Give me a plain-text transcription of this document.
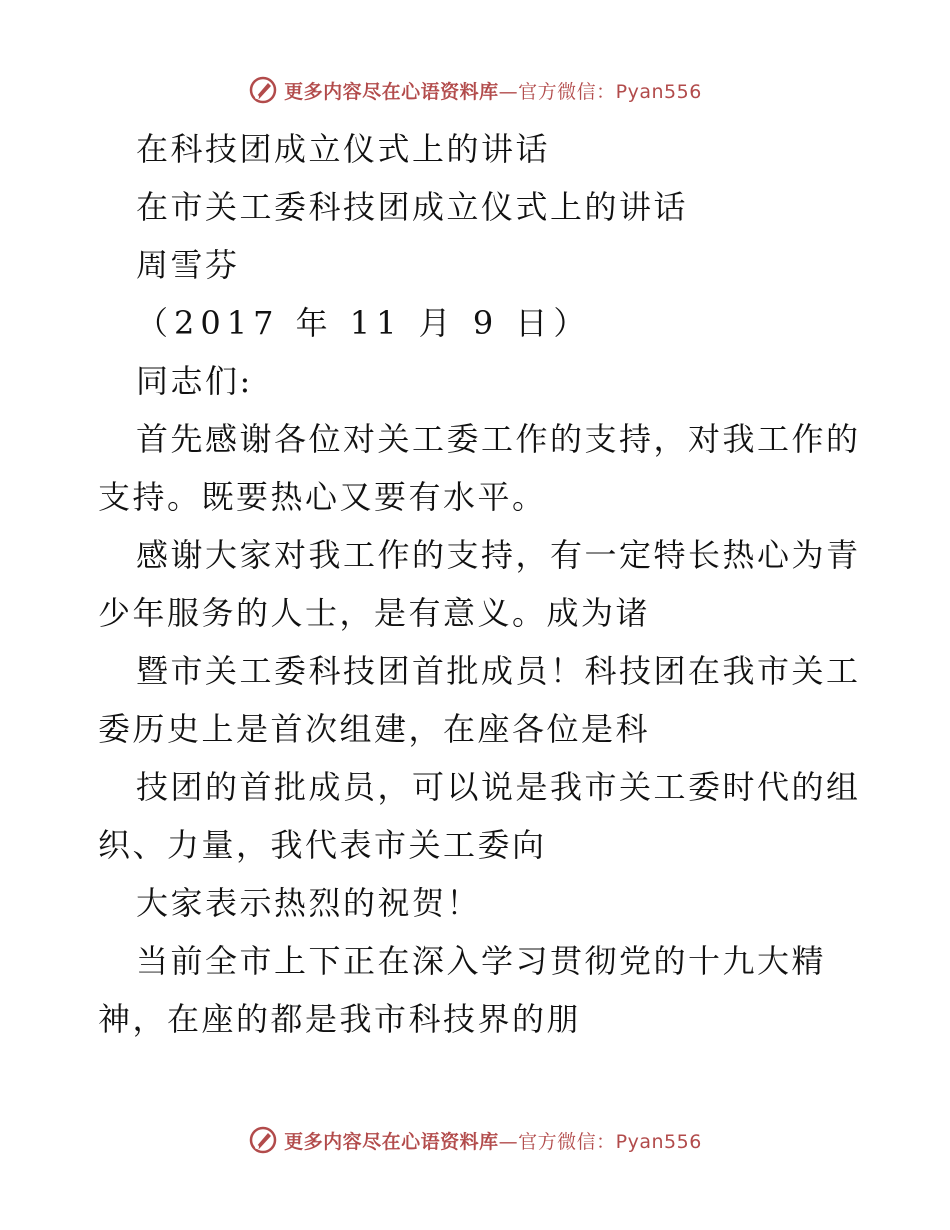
更多内容尽在心语资料库—官方微信：Pyan556
在科技团成立仪式上的讲话
在市关工委科技团成立仪式上的讲话
周雪芬
（2017 年 11 月 9 日）
同志们:
首先感谢各位对关工委工作的支持，对我工作的
支持。既要热心又要有水平。
感谢大家对我工作的支持，有一定特长热心为青
少年服务的人士，是有意义。成为诸
暨市关工委科技团首批成员！科技团在我市关工
委历史上是首次组建，在座各位是科
技团的首批成员，可以说是我市关工委时代的组
织、力量，我代表市关工委向
大家表示热烈的祝贺！
当前全市上下正在深入学习贯彻党的十九大精
神，在座的都是我市科技界的朋
更多内容尽在心语资料库—官方微信：Pyan556
